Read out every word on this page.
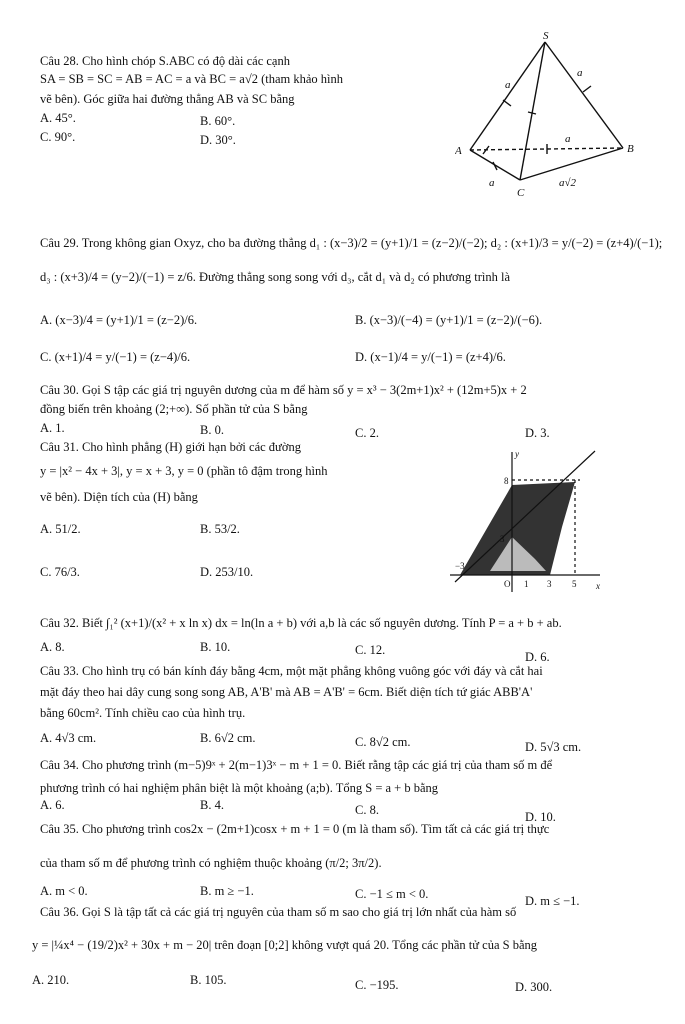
Câu 28. Cho hình chóp S.ABC có độ dài các cạnh
SA = SB = SC = AB = AC = a và BC = a√2 (tham khảo hình
vẽ bên). Góc giữa hai đường thẳng AB và SC bằng
A. 45°.	B. 60°.
C. 90°.	D. 30°.
S
A	B
C
a
a
a
a	a√2
Câu 29. Trong không gian Oxyz, cho ba đường thẳng d₁ : (x−3)/2 = (y+1)/1 = (z−2)/(−2); d₂ : (x+1)/3 = y/(−2) = (z+4)/(−1);
d₃ : (x+3)/4 = (y−2)/(−1) = z/6. Đường thẳng song song với d₃, cắt d₁ và d₂ có phương trình là
A. (x−3)/4 = (y+1)/1 = (z−2)/6.	B. (x−3)/(−4) = (y+1)/1 = (z−2)/(−6).
C. (x+1)/4 = y/(−1) = (z−4)/6.	D. (x−1)/4 = y/(−1) = (z+4)/6.
Câu 30. Gọi S tập các giá trị nguyên dương của m để hàm số y = x³ − 3(2m+1)x² + (12m+5)x + 2
đồng biến trên khoảng (2;+∞). Số phần tử của S bằng
A. 1.	B. 0.	C. 2.	D. 3.
Câu 31. Cho hình phẳng (H) giới hạn bởi các đường
y = |x² − 4x + 3|, y = x + 3, y = 0 (phần tô đậm trong hình
vẽ bên). Diện tích của (H) bằng
A. 51/2.	B. 53/2.
C. 76/3.	D. 253/10.
y
x
O
8
3
−3
1 3 5
Câu 32. Biết ∫₁² (x+1)/(x² + x ln x) dx = ln(ln a + b) với a,b là các số nguyên dương. Tính P = a + b + ab.
A. 8.	B. 10.	C. 12.	D. 6.
Câu 33. Cho hình trụ có bán kính đáy bằng 4cm, một mặt phẳng không vuông góc với đáy và cắt hai
mặt đáy theo hai dây cung song song AB, A'B' mà AB = A'B' = 6cm. Biết diện tích tứ giác ABB'A'
bằng 60cm². Tính chiều cao của hình trụ.
A. 4√3 cm.	B. 6√2 cm.	C. 8√2 cm.	D. 5√3 cm.
Câu 34. Cho phương trình (m−5)9ˣ + 2(m−1)3ˣ − m + 1 = 0. Biết rằng tập các giá trị của tham số m để
phương trình có hai nghiệm phân biệt là một khoảng (a;b). Tổng S = a + b bằng
A. 6.	B. 4.	C. 8.	D. 10.
Câu 35. Cho phương trình cos2x − (2m+1)cosx + m + 1 = 0 (m là tham số). Tìm tất cả các giá trị thực
của tham số m để phương trình có nghiệm thuộc khoảng (π/2; 3π/2).
A. m < 0.	B. m ≥ −1.	C. −1 ≤ m < 0.	D. m ≤ −1.
Câu 36. Gọi S là tập tất cả các giá trị nguyên của tham số m sao cho giá trị lớn nhất của hàm số
y = |¼x⁴ − (19/2)x² + 30x + m − 20| trên đoạn [0;2] không vượt quá 20. Tổng các phần tử của S bằng
A. 210.	B. 105.	C. −195.	D. 300.
